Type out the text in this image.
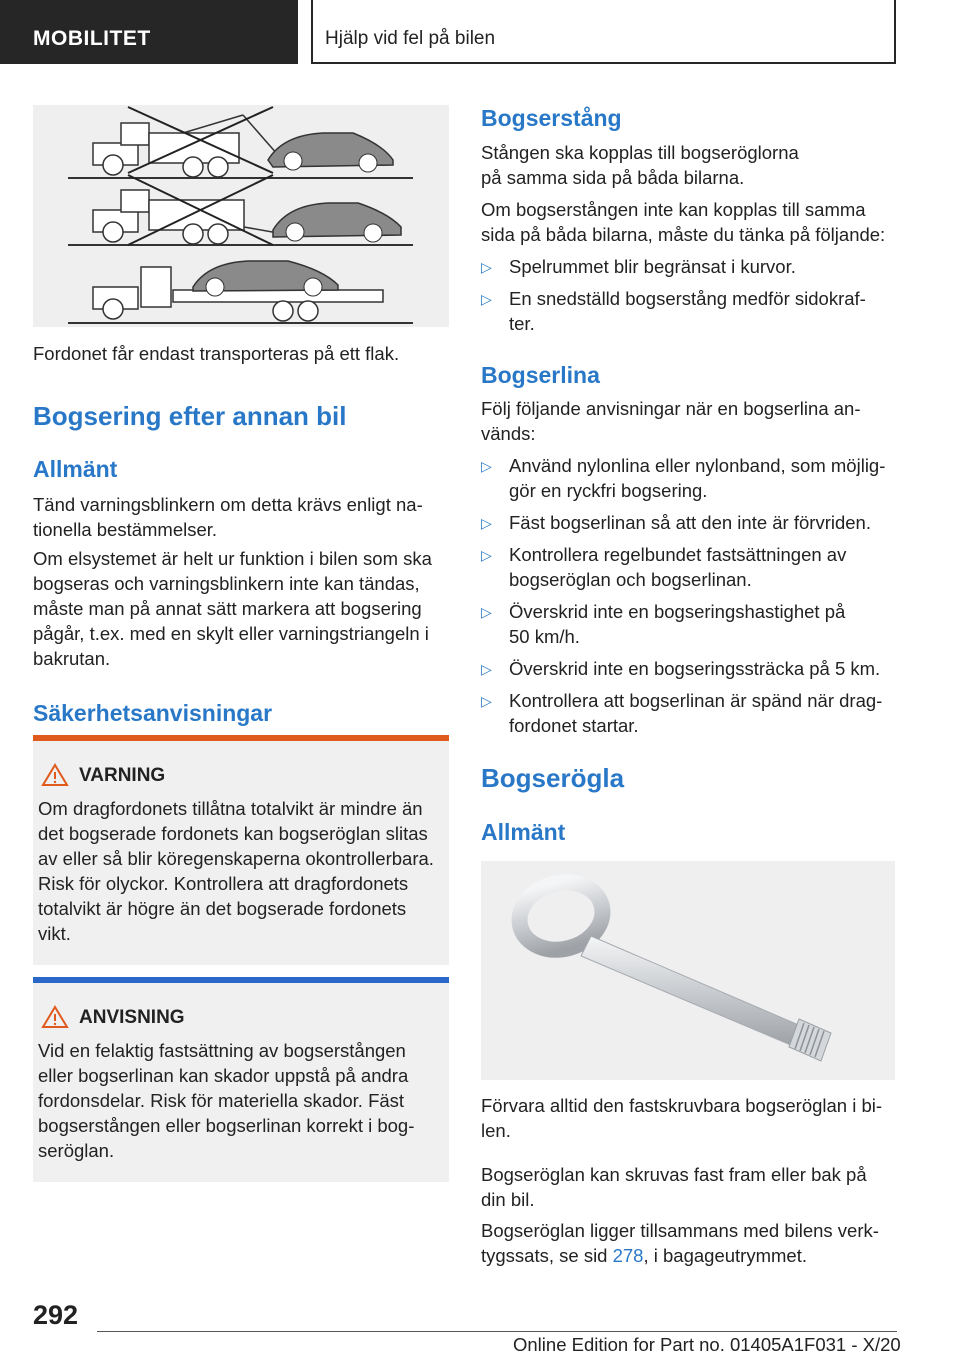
MOBILITET	Hjälp vid fel på bilen
Fordonet får endast transporteras på ett flak.
Bogsering efter annan bil
Allmänt
Tänd varningsblinkern om detta krävs enligt na-
tionella bestämmelser.
Om elsystemet är helt ur funktion i bilen som ska
bogseras och varningsblinkern inte kan tändas,
måste man på annat sätt markera att bogsering
pågår, t.ex. med en skylt eller varningstriangeln i
bakrutan.
Säkerhetsanvisningar
VARNING
Om dragfordonets tillåtna totalvikt är mindre än
det bogserade fordonets kan bogseröglan slitas
av eller så blir köregenskaperna okontrollerbara.
Risk för olyckor. Kontrollera att dragfordonets
totalvikt är högre än det bogserade fordonets
vikt.
ANVISNING
Vid en felaktig fastsättning av bogserstången
eller bogserlinan kan skador uppstå på andra
fordonsdelar. Risk för materiella skador. Fäst
bogserstången eller bogserlinan korrekt i bog-
seröglan.
Bogserstång
Stången ska kopplas till bogseröglorna
på samma sida på båda bilarna.
Om bogserstången inte kan kopplas till samma
sida på båda bilarna, måste du tänka på följande:
▷ Spelrummet blir begränsat i kurvor.
▷ En snedställd bogserstång medför sidokraf-
ter.
Bogserlina
Följ följande anvisningar när en bogserlina an-
vänds:
▷ Använd nylonlina eller nylonband, som möjlig-
gör en ryckfri bogsering.
▷ Fäst bogserlinan så att den inte är förvriden.
▷ Kontrollera regelbundet fastsättningen av
bogseröglan och bogserlinan.
▷ Överskrid inte en bogseringshastighet på
50 km/h.
▷ Överskrid inte en bogseringssträcka på 5 km.
▷ Kontrollera att bogserlinan är spänd när drag-
fordonet startar.
Bogserögla
Allmänt
Förvara alltid den fastskruvbara bogseröglan i bi-
len.
Bogseröglan kan skruvas fast fram eller bak på
din bil.
Bogseröglan ligger tillsammans med bilens verk-
tygssats, se sid 278, i bagageutrymmet.
292
Online Edition for Part no. 01405A1F031 - X/20
